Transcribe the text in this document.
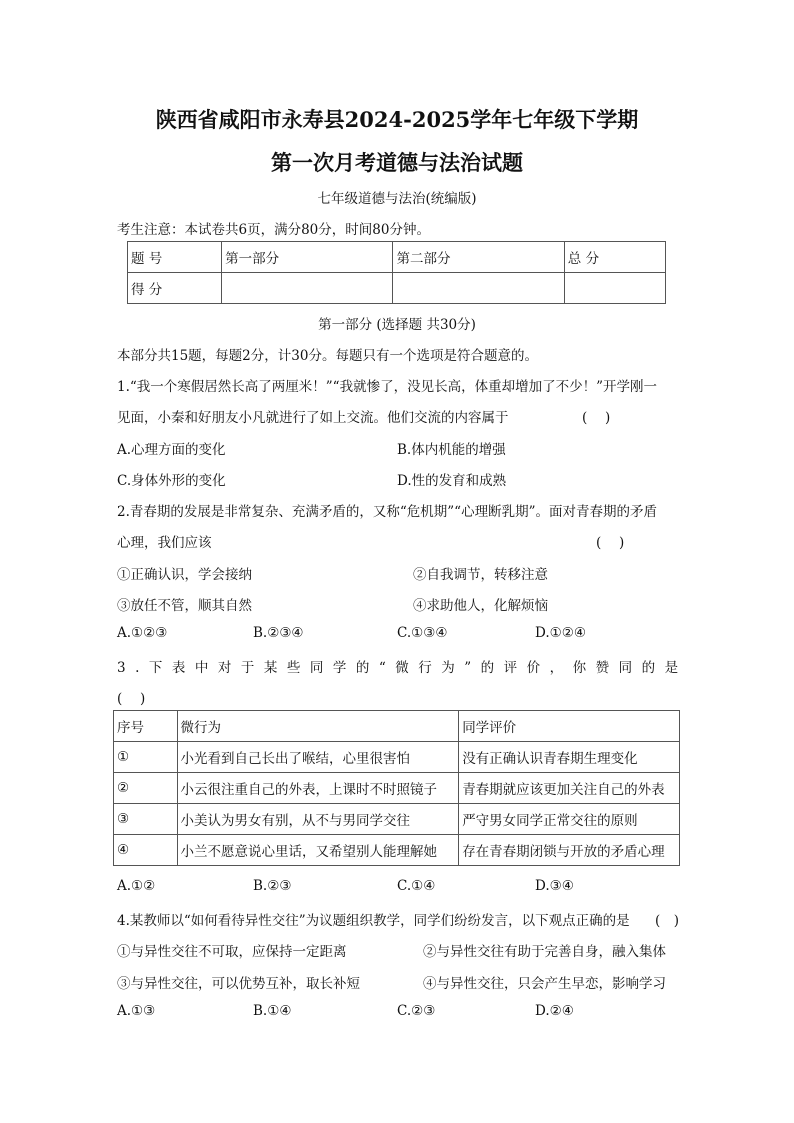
陕西省咸阳市永寿县2024-2025学年七年级下学期
第一次月考道德与法治试题
七年级道德与法治(统编版)
考生注意：本试卷共6页，满分80分，时间80分钟。
题 号	第一部分	第二部分	总 分
得 分			
第一部分 (选择题 共30分)
本部分共15题，每题2分，计30分。每题只有一个选项是符合题意的。
1.“我一个寒假居然长高了两厘米！”“我就惨了，没见长高，体重却增加了不少！”开学刚一
见面，小秦和好朋友小凡就进行了如上交流。他们交流的内容属于	(　 )
A.心理方面的变化	B.体内机能的增强
C.身体外形的变化	D.性的发育和成熟
2.青春期的发展是非常复杂、充满矛盾的，又称“危机期”“心理断乳期”。面对青春期的矛盾
心理，我们应该	(　 )
①正确认识，学会接纳	②自我调节，转移注意
③放任不管，顺其自然	④求助他人，化解烦恼
A.①②③	B.②③④	C.①③④	D.①②④
3.下表中对于某些同学的“微行为”的评价，你赞同的是
(　 )
序号	微行为	同学评价
①	小光看到自己长出了喉结，心里很害怕	没有正确认识青春期生理变化
②	小云很注重自己的外表，上课时不时照镜子	青春期就应该更加关注自己的外表
③	小美认为男女有别，从不与男同学交往	严守男女同学正常交往的原则
④	小兰不愿意说心里话，又希望别人能理解她	存在青春期闭锁与开放的矛盾心理
A.①②	B.②③	C.①④	D.③④
4.某教师以“如何看待异性交往”为议题组织教学，同学们纷纷发言，以下观点正确的是 (　)
①与异性交往不可取，应保持一定距离	②与异性交往有助于完善自身，融入集体
③与异性交往，可以优势互补，取长补短	④与异性交往，只会产生早恋，影响学习
A.①③	B.①④	C.②③	D.②④
